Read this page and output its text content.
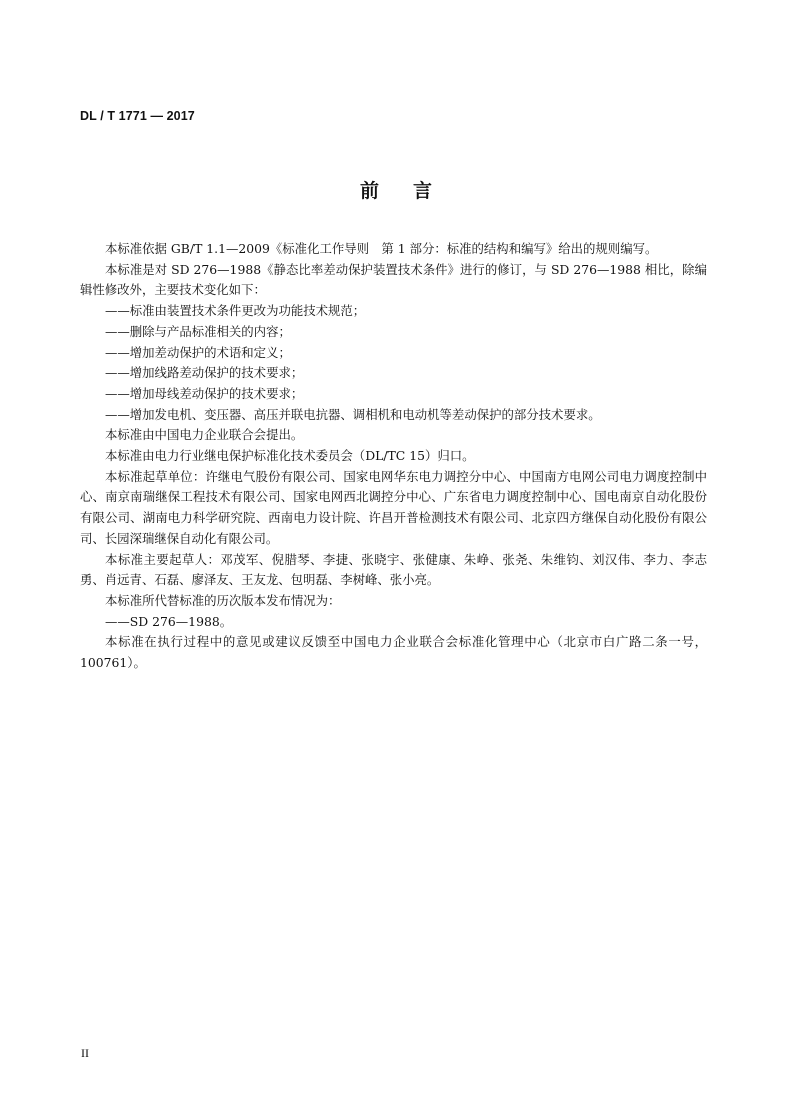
DL / T 1771 — 2017
前言

本标准依据 GB/T 1.1—2009《标准化工作导则　第 1 部分：标准的结构和编写》给出的规则编写。

本标准是对 SD 276—1988《静态比率差动保护装置技术条件》进行的修订，与 SD 276—1988 相比，除编辑性修改外，主要技术变化如下：

——标准由装置技术条件更改为功能技术规范；

——删除与产品标准相关的内容；

——增加差动保护的术语和定义；

——增加线路差动保护的技术要求；

——增加母线差动保护的技术要求；

——增加发电机、变压器、高压并联电抗器、调相机和电动机等差动保护的部分技术要求。

本标准由中国电力企业联合会提出。

本标准由电力行业继电保护标准化技术委员会（DL/TC 15）归口。

本标准起草单位：许继电气股份有限公司、国家电网华东电力调控分中心、中国南方电网公司电力调度控制中心、南京南瑞继保工程技术有限公司、国家电网西北调控分中心、广东省电力调度控制中心、国电南京自动化股份有限公司、湖南电力科学研究院、西南电力设计院、许昌开普检测技术有限公司、北京四方继保自动化股份有限公司、长园深瑞继保自动化有限公司。

本标准主要起草人：邓茂军、倪腊琴、李捷、张晓宇、张健康、朱峥、张尧、朱维钧、刘汉伟、李力、李志勇、肖远青、石磊、廖泽友、王友龙、包明磊、李树峰、张小亮。

本标准所代替标准的历次版本发布情况为：

——SD 276—1988。

本标准在执行过程中的意见或建议反馈至中国电力企业联合会标准化管理中心（北京市白广路二条一号，100761）。

II
